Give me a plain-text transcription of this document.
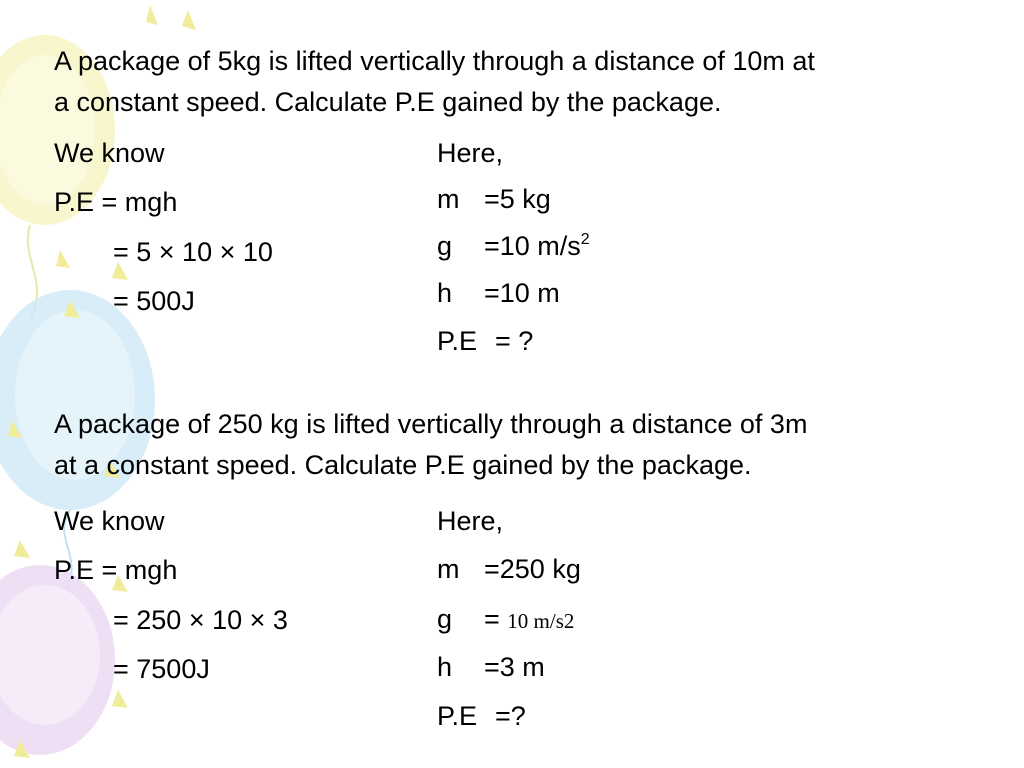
A package of 5kg is lifted vertically through a distance of 10m at
a constant speed. Calculate P.E gained by the package.
We know
P.E = mgh
= 5 × 10 × 10
= 500J
Here,
m =5 kg
g =10 $m/s^2$
h =10 m
P.E = ?
A package of 250 kg is lifted vertically through a distance of 3m
at a constant speed. Calculate P.E gained by the package.
We know
P.E = mgh
= 250 × 10 × 3
= 7500J
Here,
m =250 kg
g = 10 m/s2
h =3 m
P.E =?
